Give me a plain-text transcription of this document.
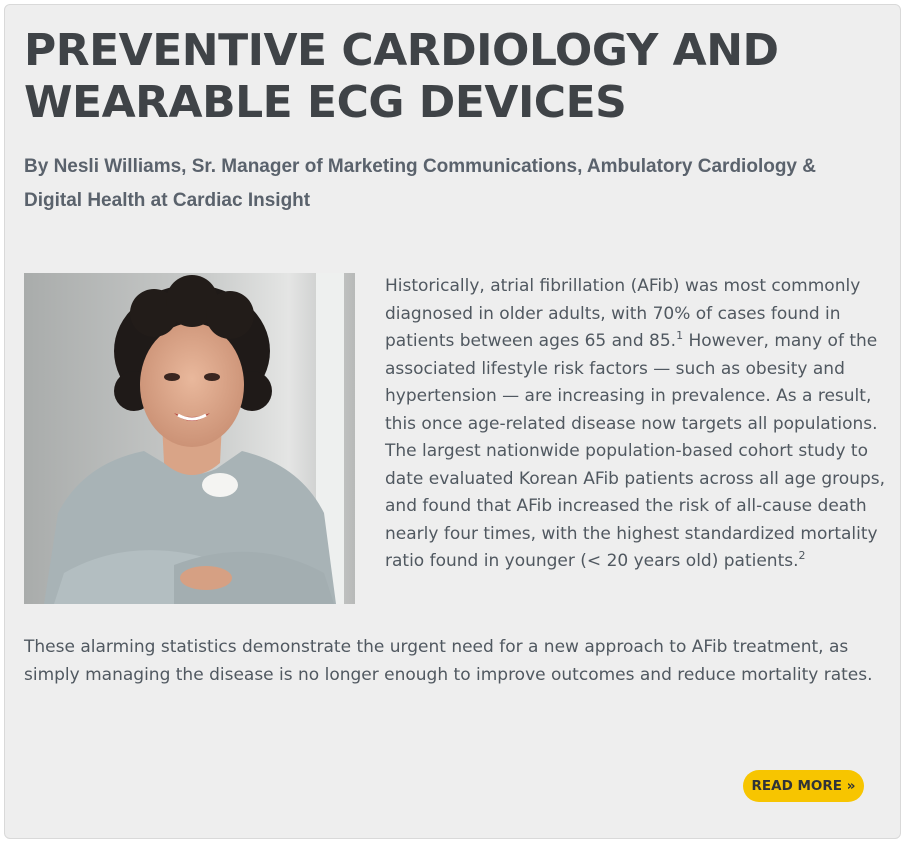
PREVENTIVE CARDIOLOGY AND WEARABLE ECG DEVICES

By Nesli Williams, Sr. Manager of Marketing Communications, Ambulatory Cardiology & Digital Health at Cardiac Insight

Historically, atrial fibrillation (AFib) was most commonly diagnosed in older adults, with 70% of cases found in patients between ages 65 and 85.$^1$ However, many of the associated lifestyle risk factors — such as obesity and hypertension — are increasing in prevalence. As a result, this once age-related disease now targets all populations. The largest nationwide population-based cohort study to date evaluated Korean AFib patients across all age groups, and found that AFib increased the risk of all-cause death nearly four times, with the highest standardized mortality ratio found in younger (< 20 years old) patients.$^2$

These alarming statistics demonstrate the urgent need for a new approach to AFib treatment, as simply managing the disease is no longer enough to improve outcomes and reduce mortality rates.

READ MORE »
